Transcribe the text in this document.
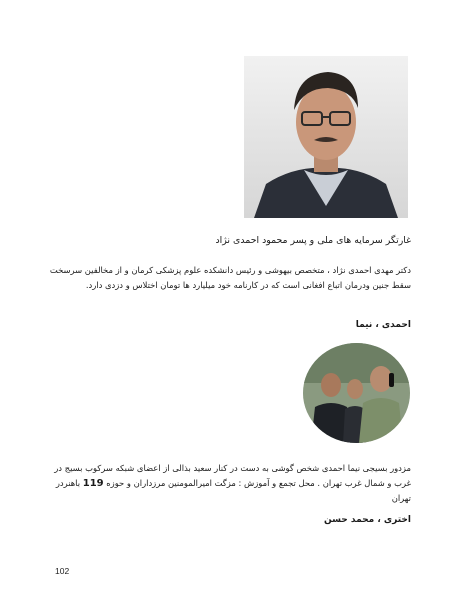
غارتگر سرمایه های ملی و پسر محمود احمدی نژاد
دکتر مهدی احمدی نژاد ، متخصص بیهوشی و رئیس دانشکده علوم پزشکی کرمان و از مخالفین سرسخت سقط جنین ودرمان اتباع افغانی است که در کارنامه خود میلیارد ها تومان اختلاس و دزدی دارد.
احمدی ، نیما
مزدور بسیجی نیما احمدی شخص گوشی به دست در کنار سعید بذالی از اعضای شبکه سرکوب بسیج در غرب و شمال غرب تهران . محل تجمع و آموزش : مزگت امیرالمومنین مرزداران و حوزه 119 باهنردر تهران
اختری ، محمد حسن
102
